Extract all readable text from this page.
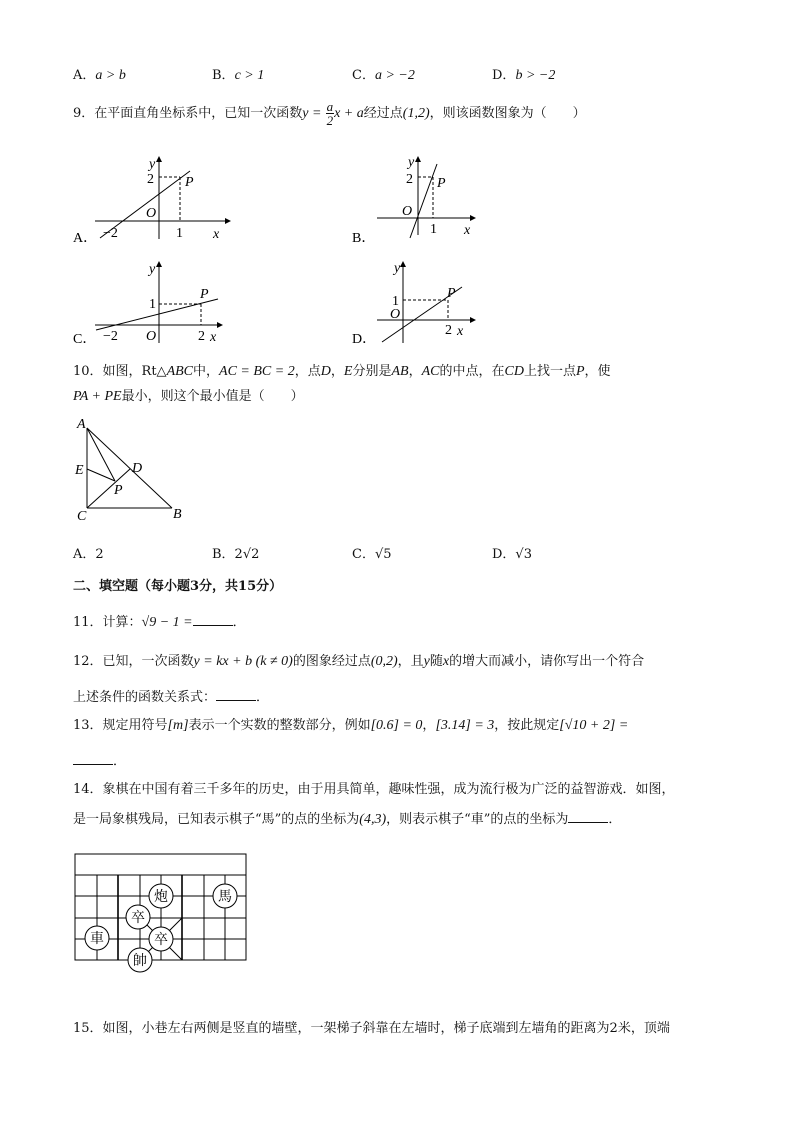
A．a > b	B．c > 1	C．a > −2	D．b > −2
9．在平面直角坐标系中，已知一次函数$y = \frac{a}{2}$ x + a经过点(1,2)，则该函数图象为（　　）
A．
y
2 P
O
−2	1 x	B．
y
2 P
O
1 x
C．
y
1
P
O
−2	2 x	D．
y
1
P
O
2 x
10．如图，Rt△ABC中，AC = BC = 2，点D，E分别是AB，AC的中点，在CD上找一点P，使
PA + PE最小，则这个最小值是（　　）
A
E	D
P
C	B
A．2	B．2√2	C．√5	D．√3
二、填空题（每小题3分，共15分）
11．计算：√9 − 1 =	．
12．已知，一次函数y = kx + b (k ≠ 0)的图象经过点(0,2)，且y随x的增大而减小，请你写出一个符合
上述条件的函数关系式：	．
13．规定用符号[m]表示一个实数的整数部分，例如[0.6] = 0，[3.14] = 3，按此规定[√10 + 2] =
．
14．象棋在中国有着三千多年的历史，由于用具简单，趣味性强，成为流行极为广泛的益智游戏．如图，
是一局象棋残局，已知表示棋子“馬”的点的坐标为(4,3)，则表示棋子“車”的点的坐标为	．
炮	馬
卒
車	卒
帥
15．如图，小巷左右两侧是竖直的墙壁，一架梯子斜靠在左墙时，梯子底端到左墙角的距离为2米，顶端
